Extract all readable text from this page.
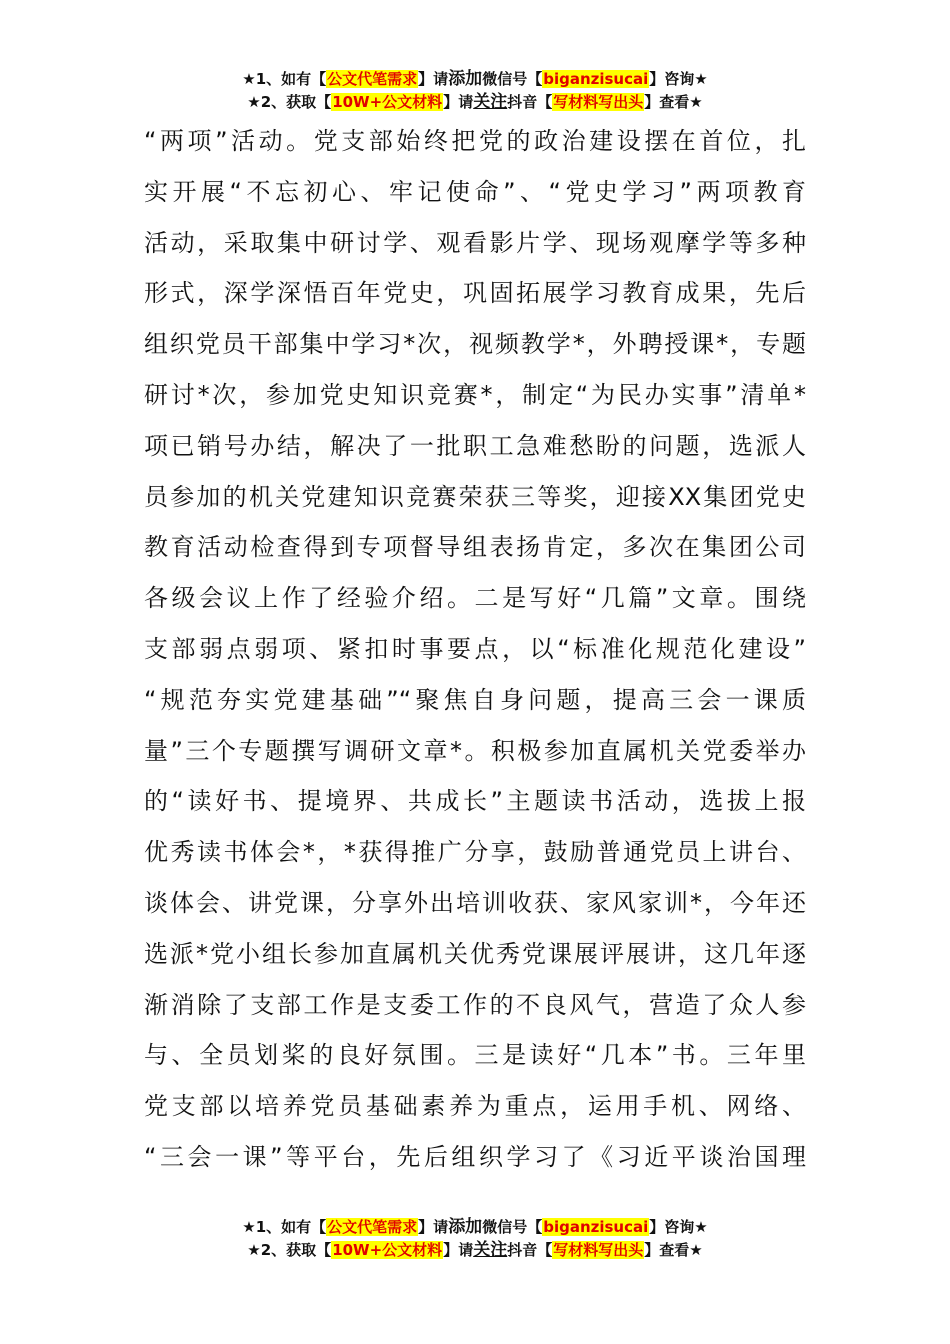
★1、如有【公文代笔需求】请添加微信号【biganzisucai】咨询★
★2、获取【10W+公文材料】请关注抖音【写材料写出头】查看★
“两项”活动。党支部始终把党的政治建设摆在首位，扎
实开展“不忘初心、牢记使命”、“党史学习”两项教育
活动，采取集中研讨学、观看影片学、现场观摩学等多种
形式，深学深悟百年党史，巩固拓展学习教育成果，先后
组织党员干部集中学习*次，视频教学*，外聘授课*，专题
研讨*次，参加党史知识竞赛*，制定“为民办实事”清单*
项已销号办结，解决了一批职工急难愁盼的问题，选派人
员参加的机关党建知识竞赛荣获三等奖，迎接XX集团党史
教育活动检查得到专项督导组表扬肯定，多次在集团公司
各级会议上作了经验介绍。二是写好“几篇”文章。围绕
支部弱点弱项、紧扣时事要点，以“标准化规范化建设”
“规范夯实党建基础”“聚焦自身问题，提高三会一课质
量”三个专题撰写调研文章*。积极参加直属机关党委举办
的“读好书、提境界、共成长”主题读书活动，选拔上报
优秀读书体会*，*获得推广分享，鼓励普通党员上讲台、
谈体会、讲党课，分享外出培训收获、家风家训*，今年还
选派*党小组长参加直属机关优秀党课展评展讲，这几年逐
渐消除了支部工作是支委工作的不良风气，营造了众人参
与、全员划桨的良好氛围。三是读好“几本”书。三年里
党支部以培养党员基础素养为重点，运用手机、网络、
“三会一课”等平台，先后组织学习了《习近平谈治国理
★1、如有【公文代笔需求】请添加微信号【biganzisucai】咨询★
★2、获取【10W+公文材料】请关注抖音【写材料写出头】查看★
